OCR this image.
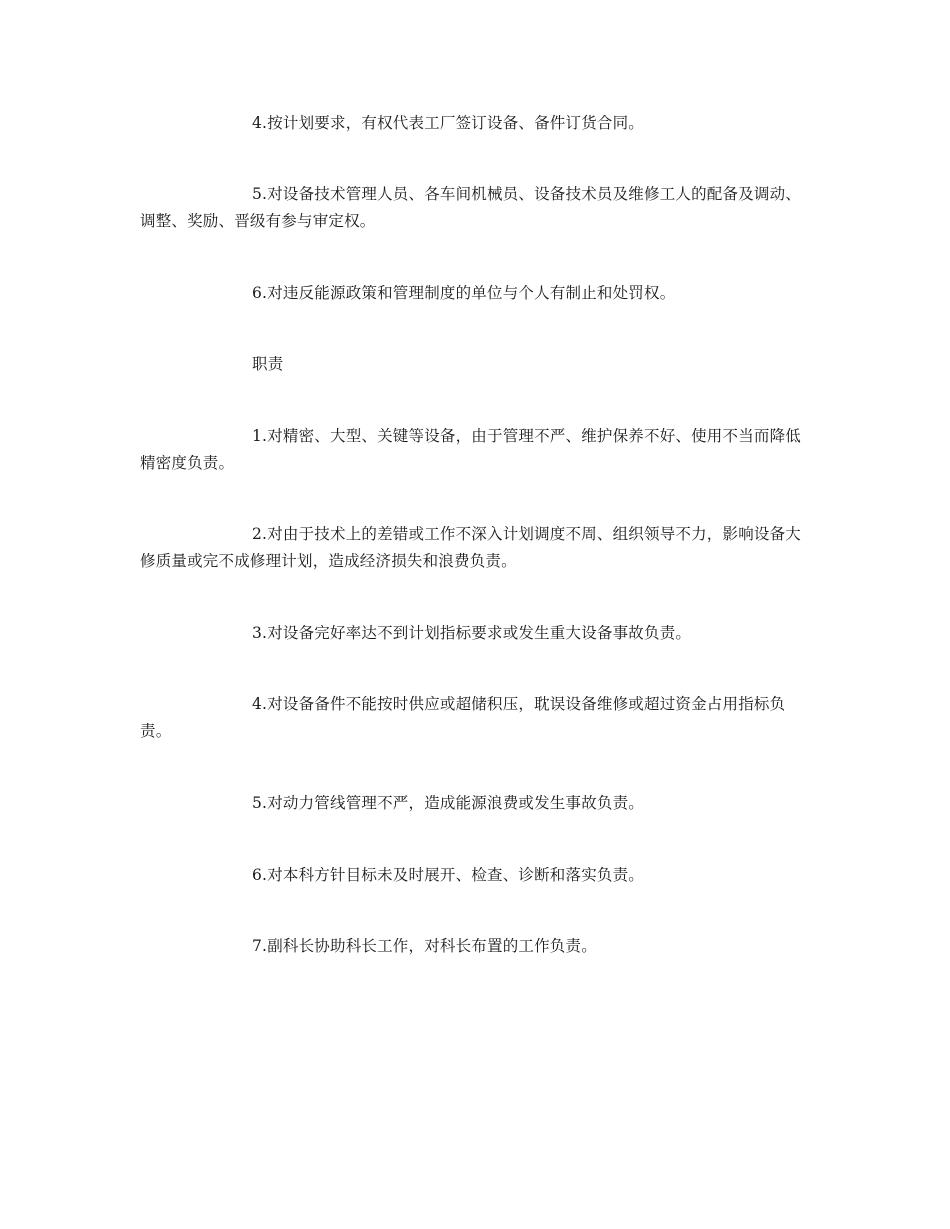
4.按计划要求，有权代表工厂签订设备、备件订货合同。

5.对设备技术管理人员、各车间机械员、设备技术员及维修工人的配备及调动、调整、奖励、晋级有参与审定权。

6.对违反能源政策和管理制度的单位与个人有制止和处罚权。

职责

1.对精密、大型、关键等设备，由于管理不严、维护保养不好、使用不当而降低精密度负责。

2.对由于技术上的差错或工作不深入计划调度不周、组织领导不力，影响设备大修质量或完不成修理计划，造成经济损失和浪费负责。

3.对设备完好率达不到计划指标要求或发生重大设备事故负责。

4.对设备备件不能按时供应或超储积压，耽误设备维修或超过资金占用指标负责。

5.对动力管线管理不严，造成能源浪费或发生事故负责。

6.对本科方针目标未及时展开、检查、诊断和落实负责。

7.副科长协助科长工作，对科长布置的工作负责。
